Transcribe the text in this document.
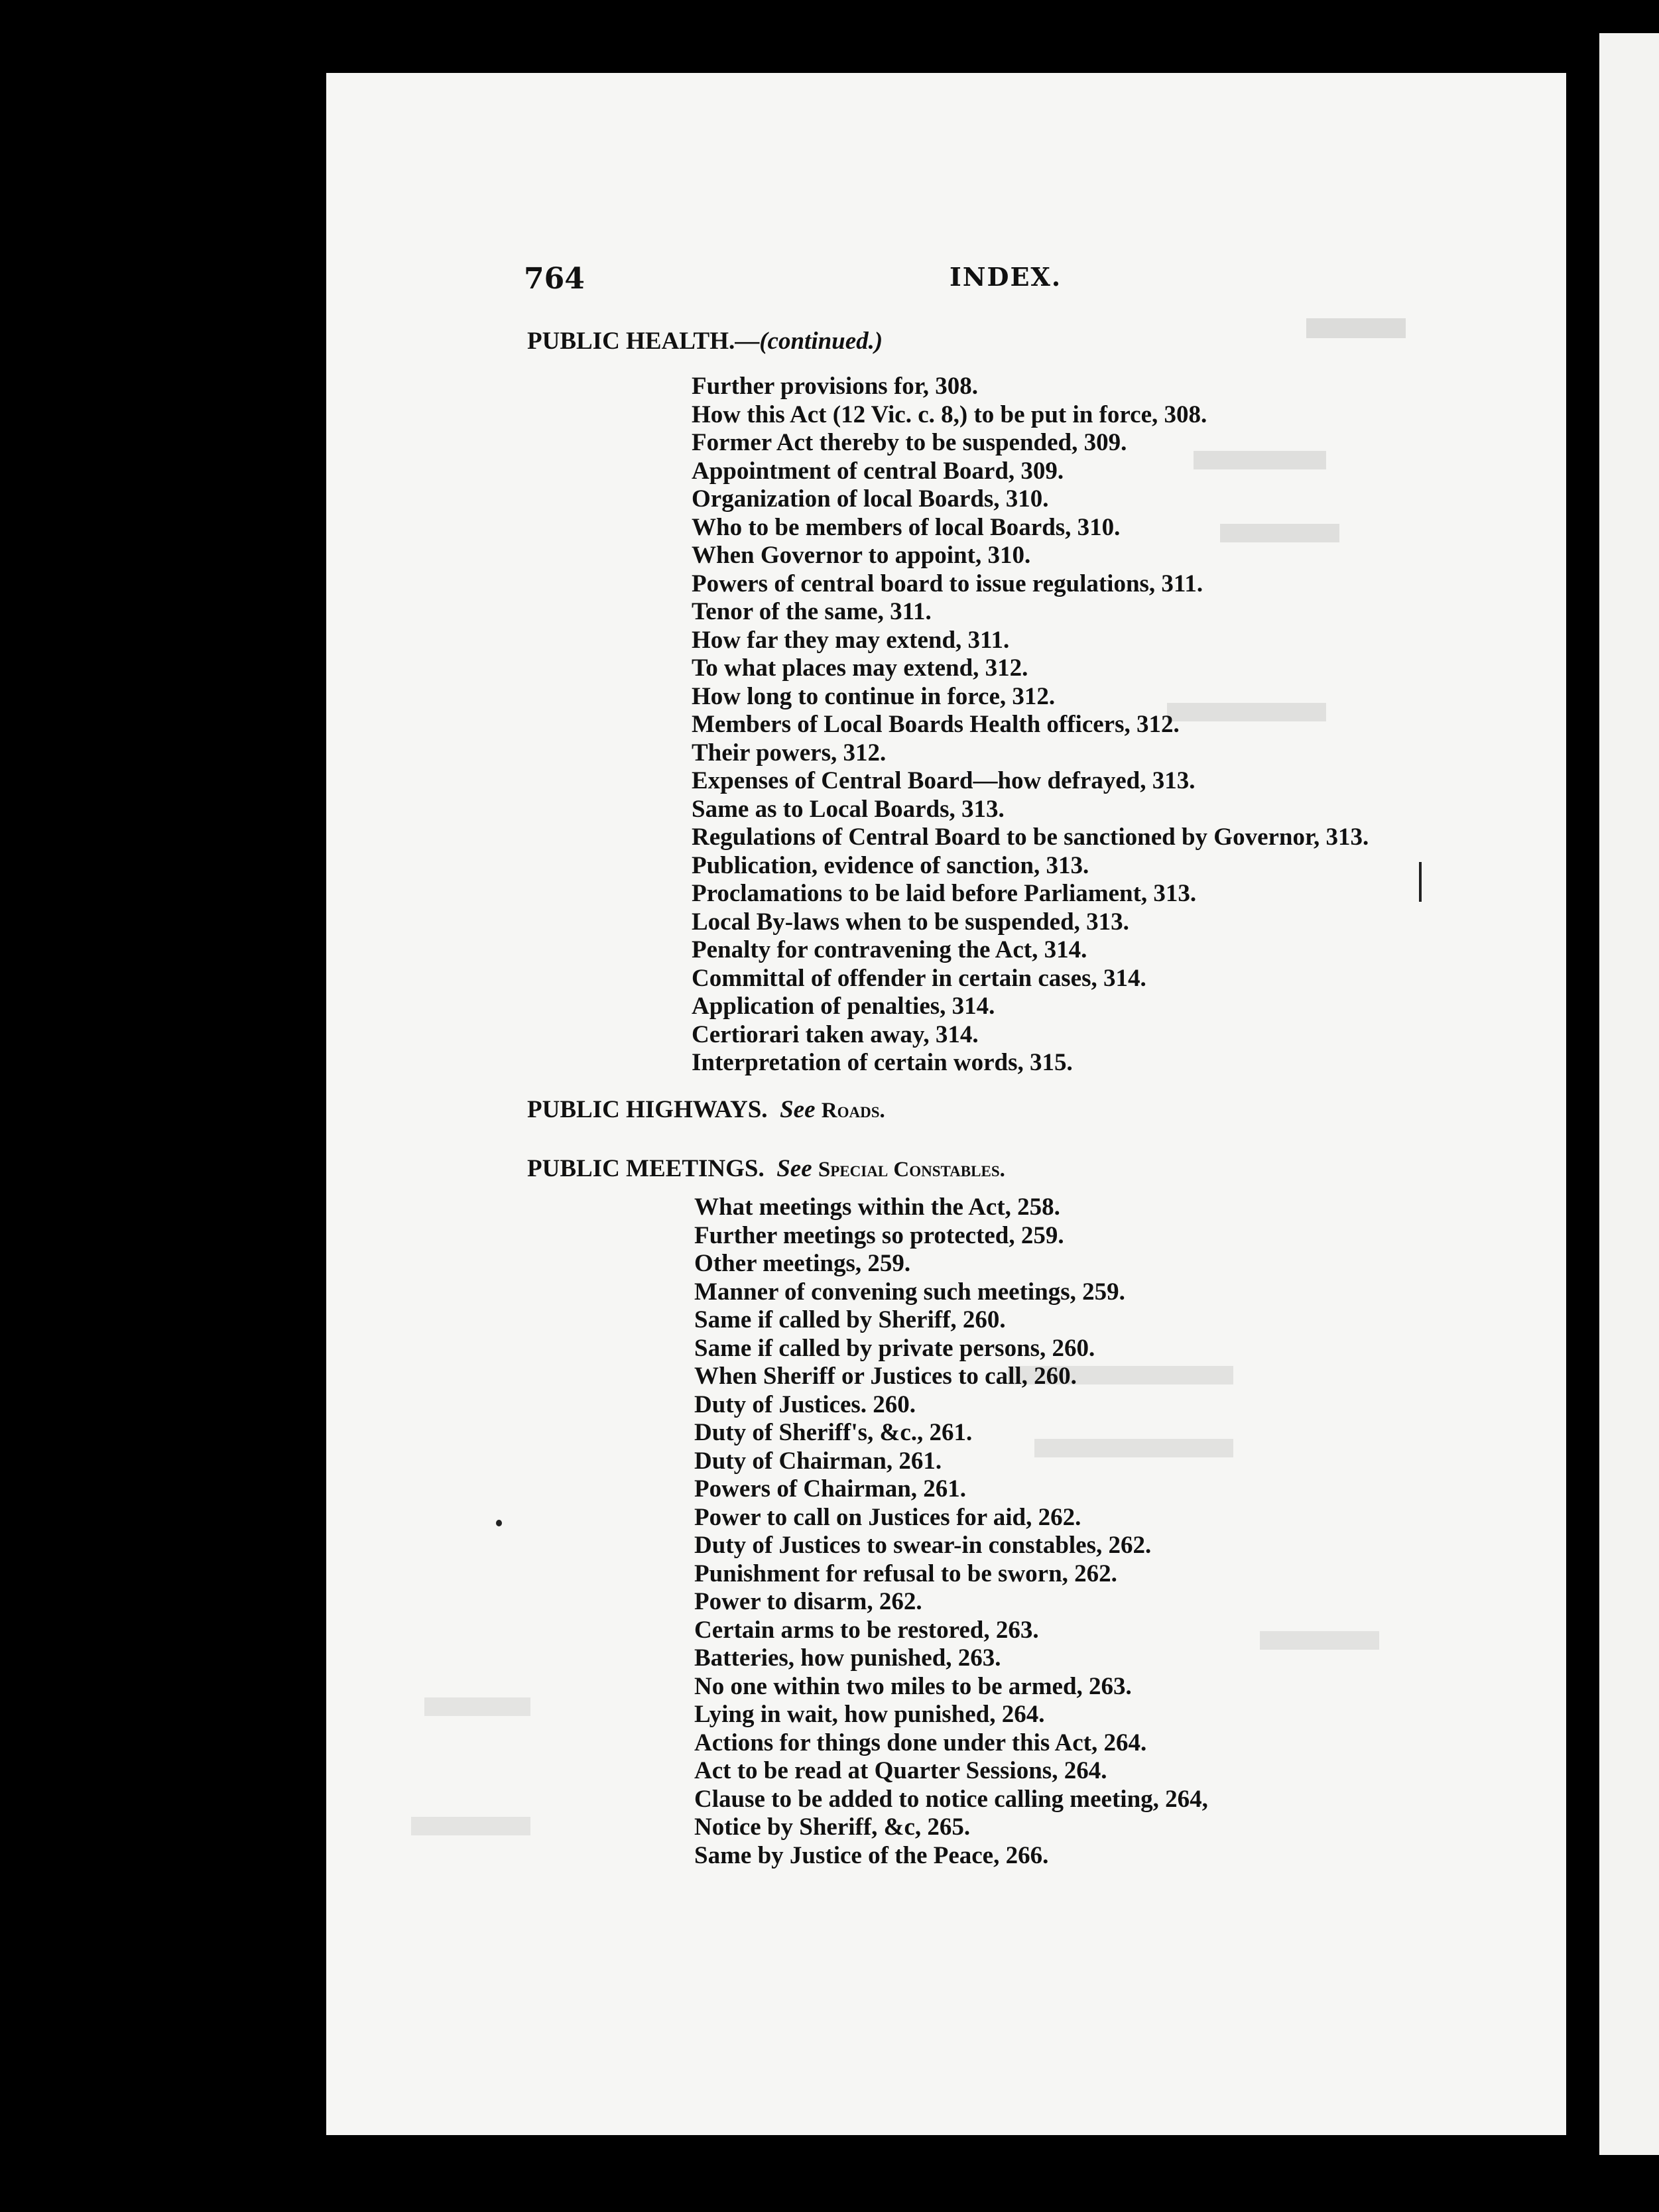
764	INDEX.
PUBLIC HEALTH.—(continued.)
Further provisions for, 308.
How this Act (12 Vic. c. 8,) to be put in force, 308.
Former Act thereby to be suspended, 309.
Appointment of central Board, 309.
Organization of local Boards, 310.
Who to be members of local Boards, 310.
When Governor to appoint, 310.
Powers of central board to issue regulations, 311.
Tenor of the same, 311.
How far they may extend, 311.
To what places may extend, 312.
How long to continue in force, 312.
Members of Local Boards Health officers, 312.
Their powers, 312.
Expenses of Central Board—how defrayed, 313.
Same as to Local Boards, 313.
Regulations of Central Board to be sanctioned by Governor, 313.
Publication, evidence of sanction, 313.
Proclamations to be laid before Parliament, 313.
Local By-laws when to be suspended, 313.
Penalty for contravening the Act, 314.
Committal of offender in certain cases, 314.
Application of penalties, 314.
Certiorari taken away, 314.
Interpretation of certain words, 315.
PUBLIC HIGHWAYS. See Roads.
PUBLIC MEETINGS. See Special Constables.
What meetings within the Act, 258.
Further meetings so protected, 259.
Other meetings, 259.
Manner of convening such meetings, 259.
Same if called by Sheriff, 260.
Same if called by private persons, 260.
When Sheriff or Justices to call, 260.
Duty of Justices. 260.
Duty of Sheriff's, &c., 261.
Duty of Chairman, 261.
Powers of Chairman, 261.
Power to call on Justices for aid, 262.
Duty of Justices to swear-in constables, 262.
Punishment for refusal to be sworn, 262.
Power to disarm, 262.
Certain arms to be restored, 263.
Batteries, how punished, 263.
No one within two miles to be armed, 263.
Lying in wait, how punished, 264.
Actions for things done under this Act, 264.
Act to be read at Quarter Sessions, 264.
Clause to be added to notice calling meeting, 264,
Notice by Sheriff, &c, 265.
Same by Justice of the Peace, 266.
